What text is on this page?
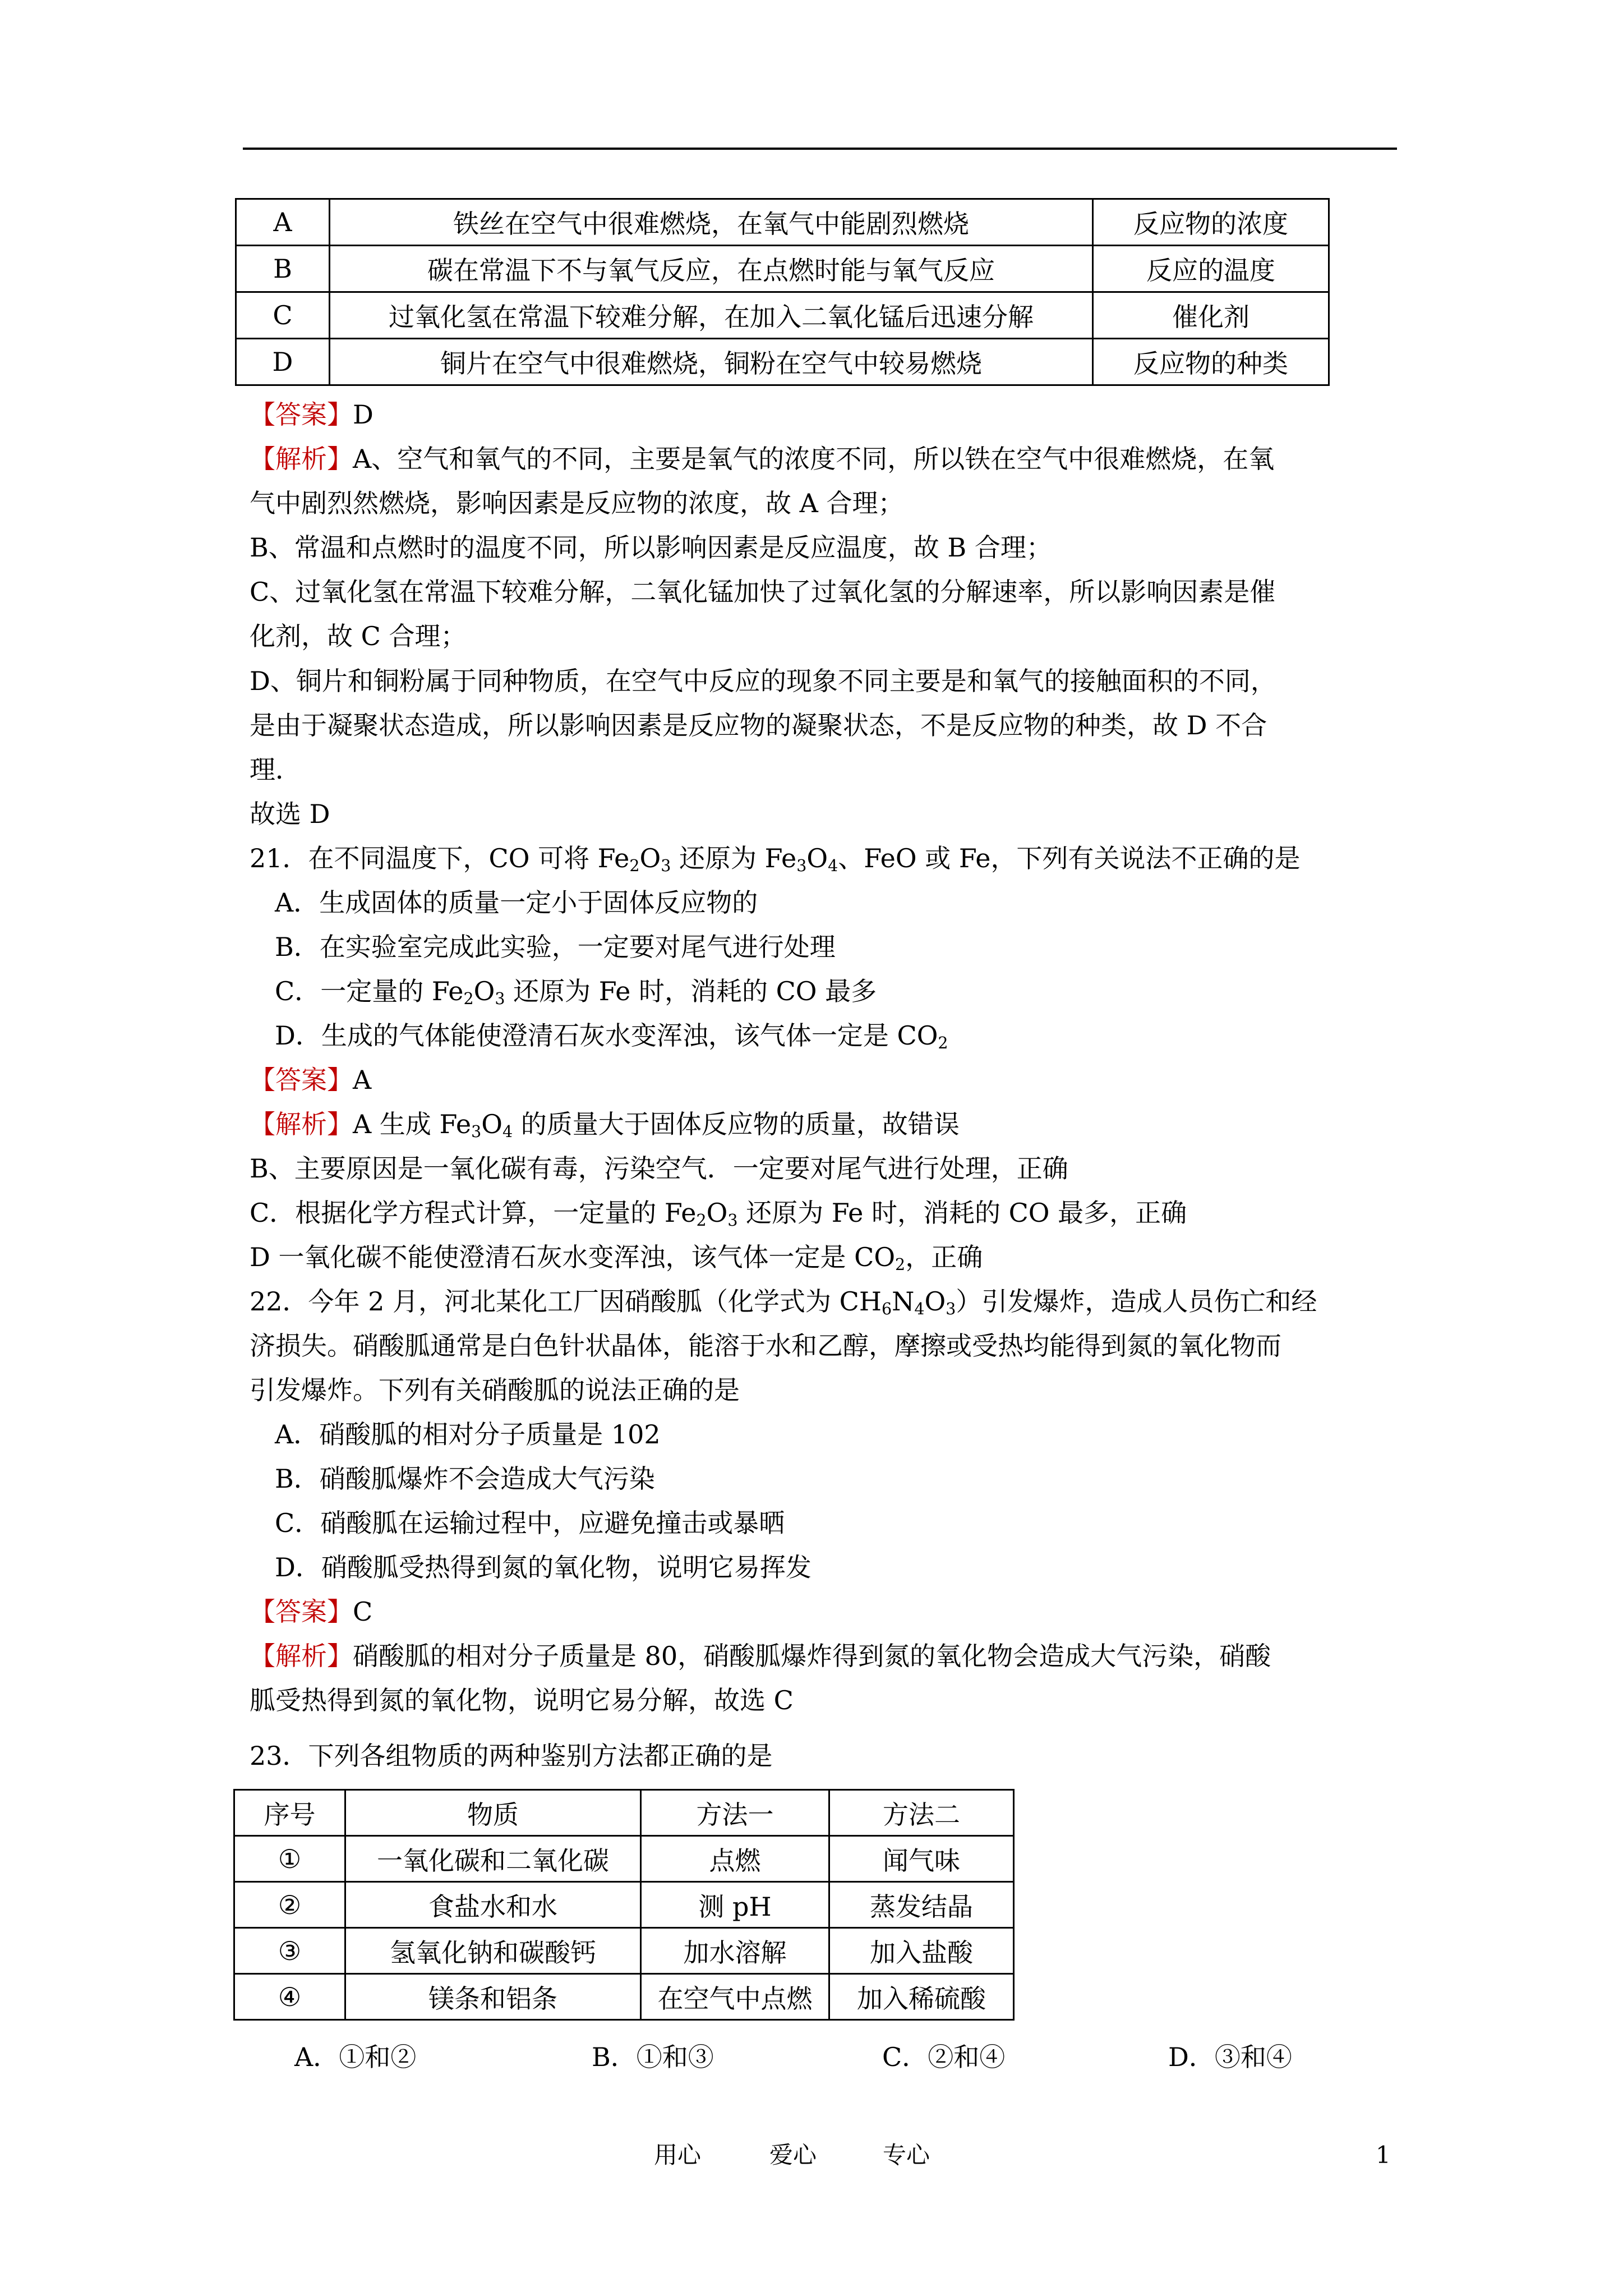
A	铁丝在空气中很难燃烧，在氧气中能剧烈燃烧	反应物的浓度
B	碳在常温下不与氧气反应，在点燃时能与氧气反应	反应的温度
C	过氧化氢在常温下较难分解，在加入二氧化锰后迅速分解	催化剂
D	铜片在空气中很难燃烧，铜粉在空气中较易燃烧	反应物的种类
【答案】D
【解析】A、空气和氧气的不同，主要是氧气的浓度不同，所以铁在空气中很难燃烧，在氧
气中剧烈然燃烧，影响因素是反应物的浓度，故 A 合理；
B、常温和点燃时的温度不同，所以影响因素是反应温度，故 B 合理；
C、过氧化氢在常温下较难分解，二氧化锰加快了过氧化氢的分解速率，所以影响因素是催
化剂，故 C 合理；
D、铜片和铜粉属于同种物质，在空气中反应的现象不同主要是和氧气的接触面积的不同，
是由于凝聚状态造成，所以影响因素是反应物的凝聚状态，不是反应物的种类，故 D 不合
理．
故选 D
21．在不同温度下，CO 可将 $Fe_2O_3$ 还原为 $Fe_3O_4$、FeO 或 Fe，下列有关说法不正确的是
A．生成固体的质量一定小于固体反应物的
B．在实验室完成此实验，一定要对尾气进行处理
C．一定量的 $Fe_2O_3$ 还原为 Fe 时，消耗的 CO 最多
D．生成的气体能使澄清石灰水变浑浊，该气体一定是 $CO_2$
【答案】A
【解析】A 生成 $Fe_3O_4$ 的质量大于固体反应物的质量，故错误
B、主要原因是一氧化碳有毒，污染空气．一定要对尾气进行处理，正确
C．根据化学方程式计算，一定量的 $Fe_2O_3$ 还原为 Fe 时，消耗的 CO 最多，正确
D 一氧化碳不能使澄清石灰水变浑浊，该气体一定是 $CO_2$，正确
22．今年 2 月，河北某化工厂因硝酸胍（化学式为 $CH_6N_4O_3$）引发爆炸，造成人员伤亡和经
济损失。硝酸胍通常是白色针状晶体，能溶于水和乙醇，摩擦或受热均能得到氮的氧化物而
引发爆炸。下列有关硝酸胍的说法正确的是
A．硝酸胍的相对分子质量是 102
B．硝酸胍爆炸不会造成大气污染
C．硝酸胍在运输过程中，应避免撞击或暴晒
D．硝酸胍受热得到氮的氧化物，说明它易挥发
【答案】C
【解析】硝酸胍的相对分子质量是 80，硝酸胍爆炸得到氮的氧化物会造成大气污染，硝酸
胍受热得到氮的氧化物，说明它易分解，故选 C
23．下列各组物质的两种鉴别方法都正确的是
序号	物质	方法一	方法二
①	一氧化碳和二氧化碳	点燃	闻气味
②	食盐水和水	测 pH	蒸发结晶
③	氢氧化钠和碳酸钙	加水溶解	加入盐酸
④	镁条和铝条	在空气中点燃	加入稀硫酸
A．①和②	B．①和③	C．②和④	D．③和④
用心	爱心	专心	1
